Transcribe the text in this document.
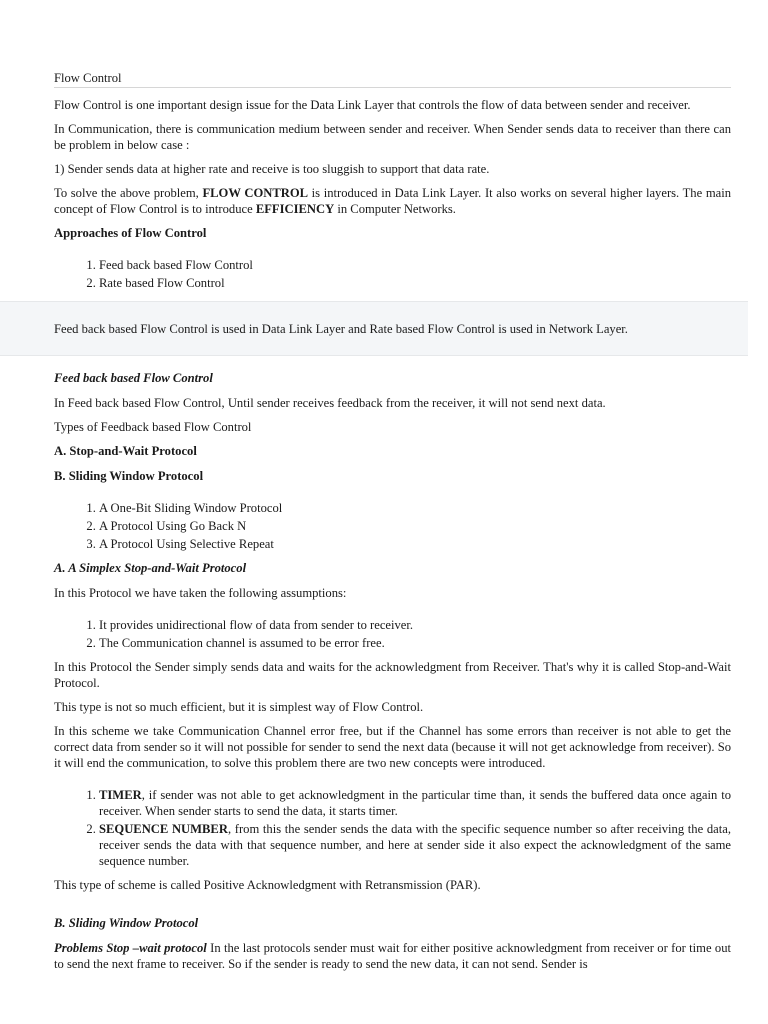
Flow Control

Flow Control is one important design issue for the Data Link Layer that controls the flow of data between sender and receiver.

In Communication, there is communication medium between sender and receiver. When Sender sends data to receiver than there can be problem in below case :

1) Sender sends data at higher rate and receive is too sluggish to support that data rate.

To solve the above problem, FLOW CONTROL is introduced in Data Link Layer. It also works on several higher layers. The main concept of Flow Control is to introduce EFFICIENCY in Computer Networks.

Approaches of Flow Control
1. Feed back based Flow Control
2. Rate based Flow Control
Feed back based Flow Control is used in Data Link Layer and Rate based Flow Control is used in Network Layer.
Feed back based Flow Control

In Feed back based Flow Control, Until sender receives feedback from the receiver, it will not send next data.

Types of Feedback based Flow Control

A. Stop-and-Wait Protocol
B. Sliding Window Protocol
1. A One-Bit Sliding Window Protocol
2. A Protocol Using Go Back N
3. A Protocol Using Selective Repeat
A. A Simplex Stop-and-Wait Protocol

In this Protocol we have taken the following assumptions:

1. It provides unidirectional flow of data from sender to receiver.
2. The Communication channel is assumed to be error free.

In this Protocol the Sender simply sends data and waits for the acknowledgment from Receiver. That's why it is called Stop-and-Wait Protocol.

This type is not so much efficient, but it is simplest way of Flow Control.

In this scheme we take Communication Channel error free, but if the Channel has some errors than receiver is not able to get the correct data from sender so it will not possible for sender to send the next data (because it will not get acknowledge from receiver). So it will end the communication, to solve this problem there are two new concepts were introduced.

1. TIMER, if sender was not able to get acknowledgment in the particular time than, it sends the buffered data once again to receiver. When sender starts to send the data, it starts timer.
2. SEQUENCE NUMBER, from this the sender sends the data with the specific sequence number so after receiving the data, receiver sends the data with that sequence number, and here at sender side it also expect the acknowledgment of the same sequence number.

This type of scheme is called Positive Acknowledgment with Retransmission (PAR).

B. Sliding Window Protocol

Problems Stop –wait protocol In the last protocols sender must wait for either positive acknowledgment from receiver or for time out to send the next frame to receiver. So if the sender is ready to send the new data, it can not send. Sender is
